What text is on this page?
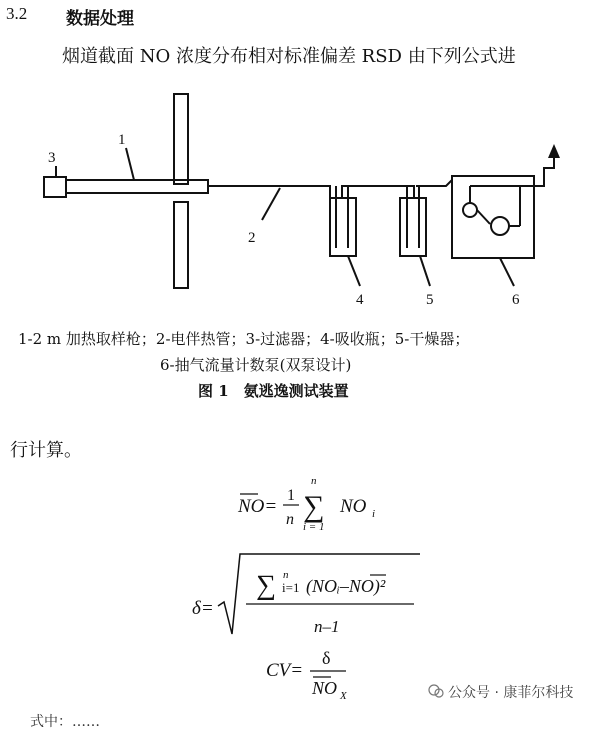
3.2 数据处理
烟道截面 NO 浓度分布相对标准偏差 RSD 由下列公式进
3
1
2
4	5	6
1-2 m 加热取样枪；2-电伴热管；3-过滤器；4-吸收瓶；5-干燥器；
6-抽气流量计数泵(双泵设计)
图 1　氨逃逸测试装置
行计算。
NO=
1
n
n
∑
i = 1
NO i
δ=
n
∑ i=1 (NOᵢ–NO)²
n–1
CV=
δ
NO X	公众号 · 康菲尔科技
式中：……
